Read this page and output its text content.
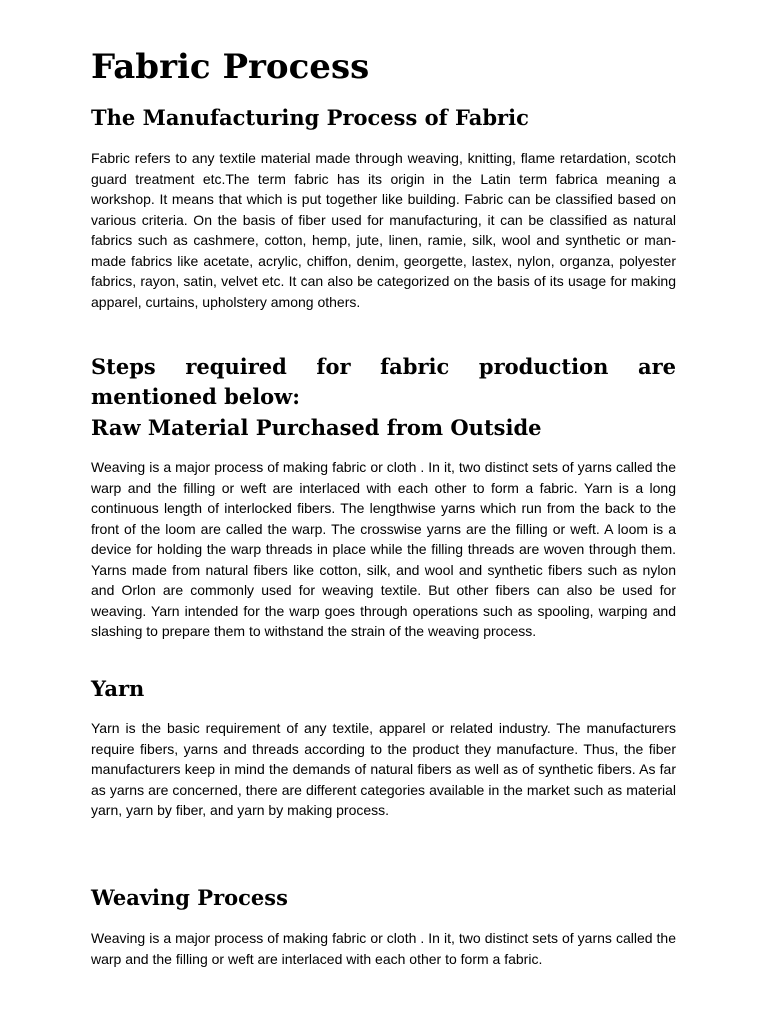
Fabric Process
The Manufacturing Process of Fabric

Fabric refers to any textile material made through weaving, knitting, flame retardation, scotch guard treatment etc.The term fabric has its origin in the Latin term fabrica meaning a workshop. It means that which is put together like building. Fabric can be classified based on various criteria. On the basis of fiber used for manufacturing, it can be classified as natural fabrics such as cashmere, cotton, hemp, jute, linen, ramie, silk, wool and synthetic or man-made fabrics like acetate, acrylic, chiffon, denim, georgette, lastex, nylon, organza, polyester fabrics, rayon, satin, velvet etc. It can also be categorized on the basis of its usage for making apparel, curtains, upholstery among others.

Steps required for fabric production are mentioned below:
Raw Material Purchased from Outside

Weaving is a major process of making fabric or cloth . In it, two distinct sets of yarns called the warp and the filling or weft are interlaced with each other to form a fabric. Yarn is a long continuous length of interlocked fibers. The lengthwise yarns which run from the back to the front of the loom are called the warp. The crosswise yarns are the filling or weft. A loom is a device for holding the warp threads in place while the filling threads are woven through them. Yarns made from natural fibers like cotton, silk, and wool and synthetic fibers such as nylon and Orlon are commonly used for weaving textile. But other fibers can also be used for weaving. Yarn intended for the warp goes through operations such as spooling, warping and slashing to prepare them to withstand the strain of the weaving process.

Yarn

Yarn is the basic requirement of any textile, apparel or related industry. The manufacturers require fibers, yarns and threads according to the product they manufacture. Thus, the fiber manufacturers keep in mind the demands of natural fibers as well as of synthetic fibers. As far as yarns are concerned, there are different categories available in the market such as material yarn, yarn by fiber, and yarn by making process.

Weaving Process

Weaving is a major process of making fabric or cloth . In it, two distinct sets of yarns called the warp and the filling or weft are interlaced with each other to form a fabric.
